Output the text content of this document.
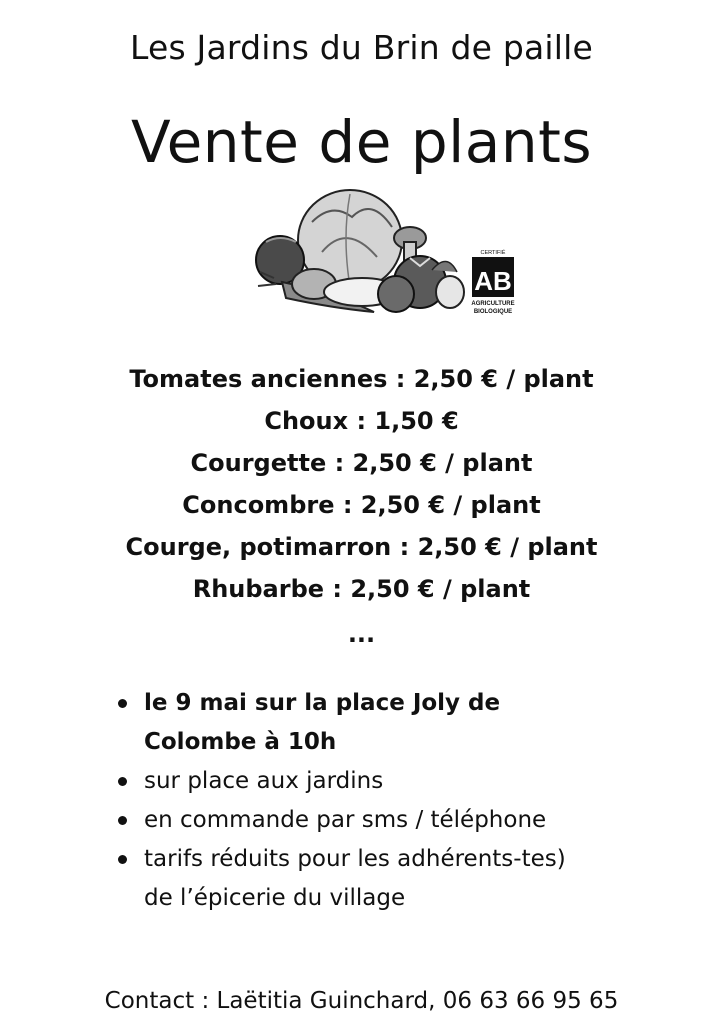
Les Jardins du Brin de paille
Vente de plants
CERTIFIÉ
AB
AGRICULTURE
BIOLOGIQUE
Tomates anciennes : 2,50 € / plant
Choux : 1,50 €
Courgette : 2,50 € / plant
Concombre : 2,50 € / plant
Courge, potimarron : 2,50 € / plant
Rhubarbe : 2,50 € / plant
...
le 9 mai sur la place Joly de
Colombe à 10h
sur place aux jardins
en commande par sms / téléphone
tarifs réduits pour les adhérents-tes)
de l’épicerie du village
Contact : Laëtitia Guinchard, 06 63 66 95 65
